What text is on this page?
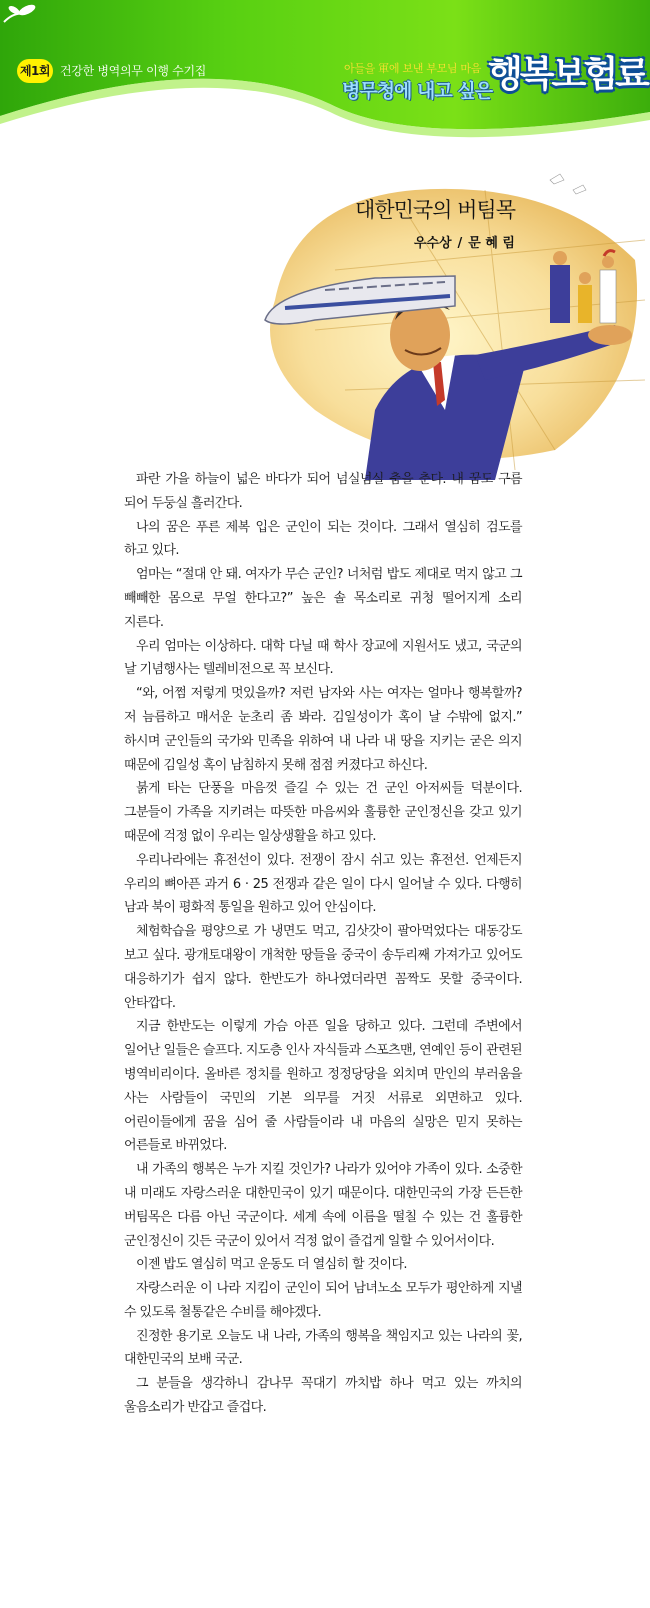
제1회 건강한 병역의무 이행 수기집	아들을 軍에 보낸 부모님 마음
병무청에 내고 싶은
행복보험료
대한민국의 버팀목
우수상 / 문 혜 림

파란 가을 하늘이 넓은 바다가 되어 넘실넘실 춤을 춘다. 내 꿈도 구름 되어 두둥실 흘러간다.

나의 꿈은 푸른 제복 입은 군인이 되는 것이다. 그래서 열심히 검도를 하고 있다.

엄마는 “절대 안 돼. 여자가 무슨 군인? 너처럼 밥도 제대로 먹지 않고 그 빼빼한 몸으로 무얼 한다고?” 높은 솔 목소리로 귀청 떨어지게 소리 지른다.

우리 엄마는 이상하다. 대학 다닐 때 학사 장교에 지원서도 냈고, 국군의 날 기념행사는 텔레비전으로 꼭 보신다.

“와, 어쩜 저렇게 멋있을까? 저런 남자와 사는 여자는 얼마나 행복할까? 저 늠름하고 매서운 눈초리 좀 봐라. 김일성이가 혹이 날 수밖에 없지.” 하시며 군인들의 국가와 민족을 위하여 내 나라 내 땅을 지키는 굳은 의지 때문에 김일성 혹이 남침하지 못해 점점 커졌다고 하신다.

붉게 타는 단풍을 마음껏 즐길 수 있는 건 군인 아저씨들 덕분이다. 그분들이 가족을 지키려는 따뜻한 마음씨와 훌륭한 군인정신을 갖고 있기 때문에 걱정 없이 우리는 일상생활을 하고 있다.

우리나라에는 휴전선이 있다. 전쟁이 잠시 쉬고 있는 휴전선. 언제든지 우리의 뼈아픈 과거 6 · 25 전쟁과 같은 일이 다시 일어날 수 있다. 다행히 남과 북이 평화적 통일을 원하고 있어 안심이다.

체험학습을 평양으로 가 냉면도 먹고, 김삿갓이 팔아먹었다는 대동강도 보고 싶다. 광개토대왕이 개척한 땅들을 중국이 송두리째 가져가고 있어도 대응하기가 쉽지 않다. 한반도가 하나였더라면 꼼짝도 못할 중국이다. 안타깝다.

지금 한반도는 이렇게 가슴 아픈 일을 당하고 있다. 그런데 주변에서 일어난 일들은 슬프다. 지도층 인사 자식들과 스포츠맨, 연예인 등이 관련된 병역비리이다. 올바른 정치를 원하고 정정당당을 외치며 만인의 부러움을 사는 사람들이 국민의 기본 의무를 거짓 서류로 외면하고 있다. 어린이들에게 꿈을 심어 줄 사람들이라 내 마음의 실망은 믿지 못하는 어른들로 바뀌었다.

내 가족의 행복은 누가 지킬 것인가? 나라가 있어야 가족이 있다. 소중한 내 미래도 자랑스러운 대한민국이 있기 때문이다. 대한민국의 가장 든든한 버팀목은 다름 아닌 국군이다. 세계 속에 이름을 떨칠 수 있는 건 훌륭한 군인정신이 깃든 국군이 있어서 걱정 없이 즐겁게 일할 수 있어서이다.

이젠 밥도 열심히 먹고 운동도 더 열심히 할 것이다.

자랑스러운 이 나라 지킴이 군인이 되어 남녀노소 모두가 평안하게 지낼 수 있도록 철통같은 수비를 해야겠다.

진정한 용기로 오늘도 내 나라, 가족의 행복을 책임지고 있는 나라의 꽃, 대한민국의 보배 국군.

그 분들을 생각하니 감나무 꼭대기 까치밥 하나 먹고 있는 까치의 울음소리가 반갑고 즐겁다.
